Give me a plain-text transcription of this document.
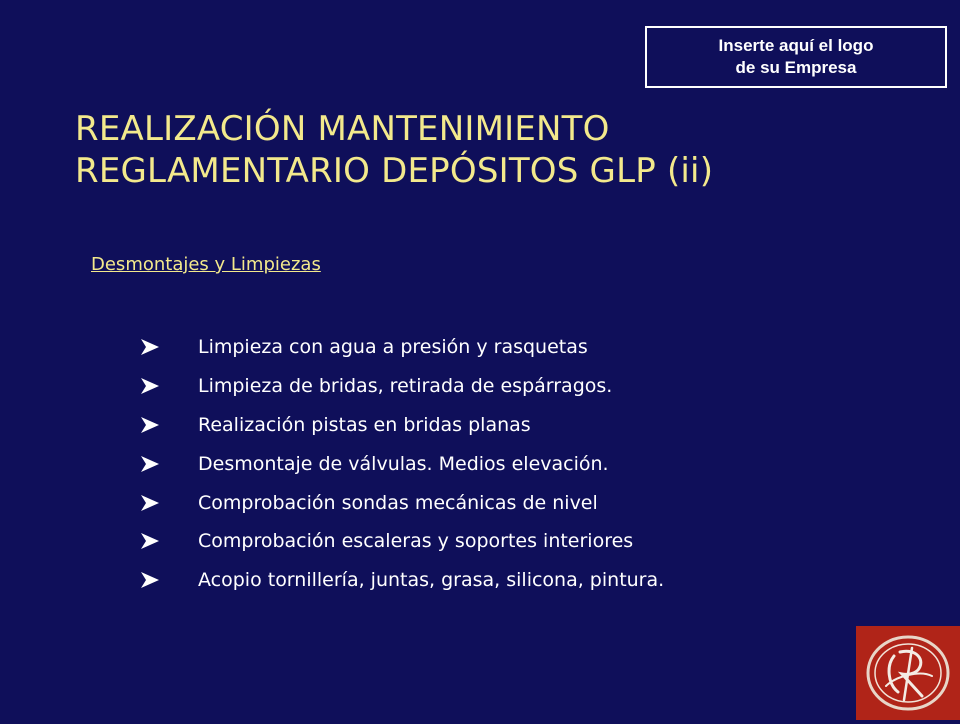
Inserte aquí el logo
de su Empresa
REALIZACIÓN MANTENIMIENTO
REGLAMENTARIO DEPÓSITOS GLP (ii)
Desmontajes y Limpiezas
Limpieza con agua a presión y rasquetas
Limpieza de bridas, retirada de espárragos.
Realización pistas en bridas planas
Desmontaje de válvulas. Medios elevación.
Comprobación sondas mecánicas de nivel
Comprobación escaleras y soportes interiores
Acopio tornillería, juntas, grasa, silicona, pintura.
